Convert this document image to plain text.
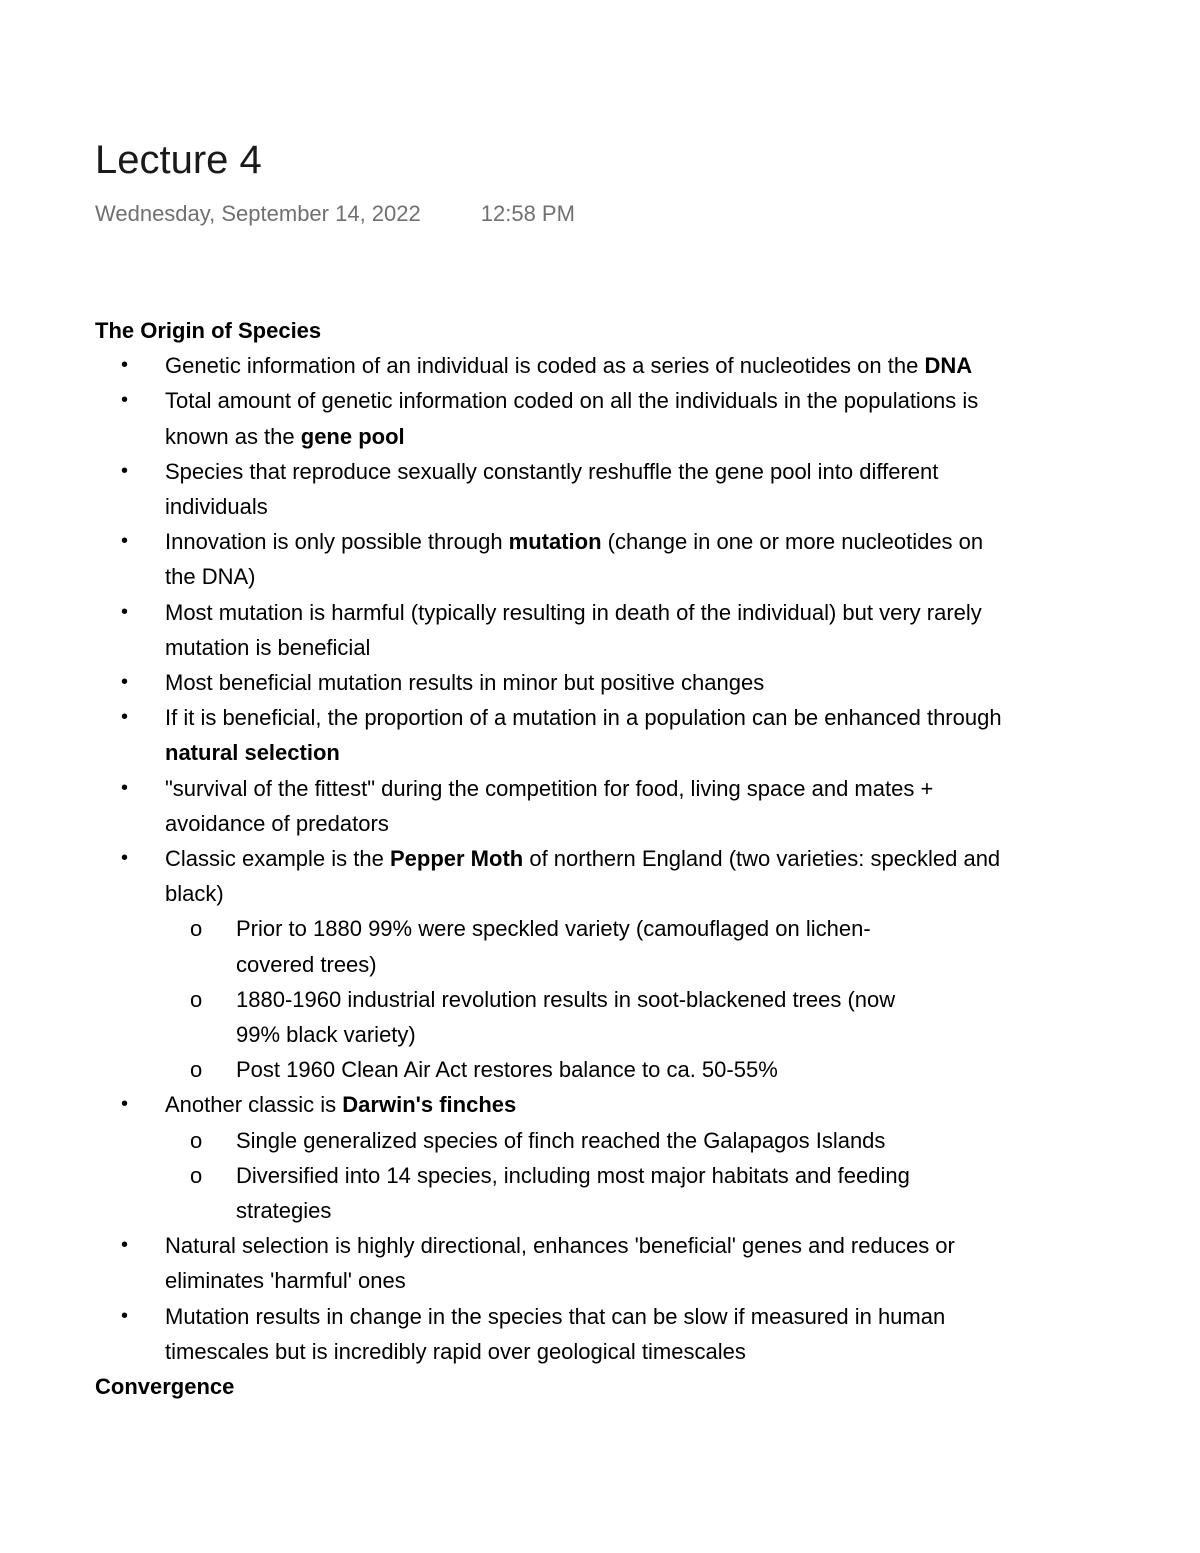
Lecture 4
Wednesday, September 14, 2022	12:58 PM
The Origin of Species
• Genetic information of an individual is coded as a series of nucleotides on the DNA
• Total amount of genetic information coded on all the individuals in the populations is known as the gene pool
• Species that reproduce sexually constantly reshuffle the gene pool into different individuals
• Innovation is only possible through mutation (change in one or more nucleotides on the DNA)
• Most mutation is harmful (typically resulting in death of the individual) but very rarely mutation is beneficial
• Most beneficial mutation results in minor but positive changes
• If it is beneficial, the proportion of a mutation in a population can be enhanced through natural selection
• "survival of the fittest" during the competition for food, living space and mates + avoidance of predators
• Classic example is the Pepper Moth of northern England (two varieties: speckled and black)
o Prior to 1880 99% were speckled variety (camouflaged on lichen-covered trees)
o 1880-1960 industrial revolution results in soot-blackened trees (now 99% black variety)
o Post 1960 Clean Air Act restores balance to ca. 50-55%
• Another classic is Darwin's finches
o Single generalized species of finch reached the Galapagos Islands
o Diversified into 14 species, including most major habitats and feeding strategies
• Natural selection is highly directional, enhances 'beneficial' genes and reduces or eliminates 'harmful' ones
• Mutation results in change in the species that can be slow if measured in human timescales but is incredibly rapid over geological timescales
Convergence
